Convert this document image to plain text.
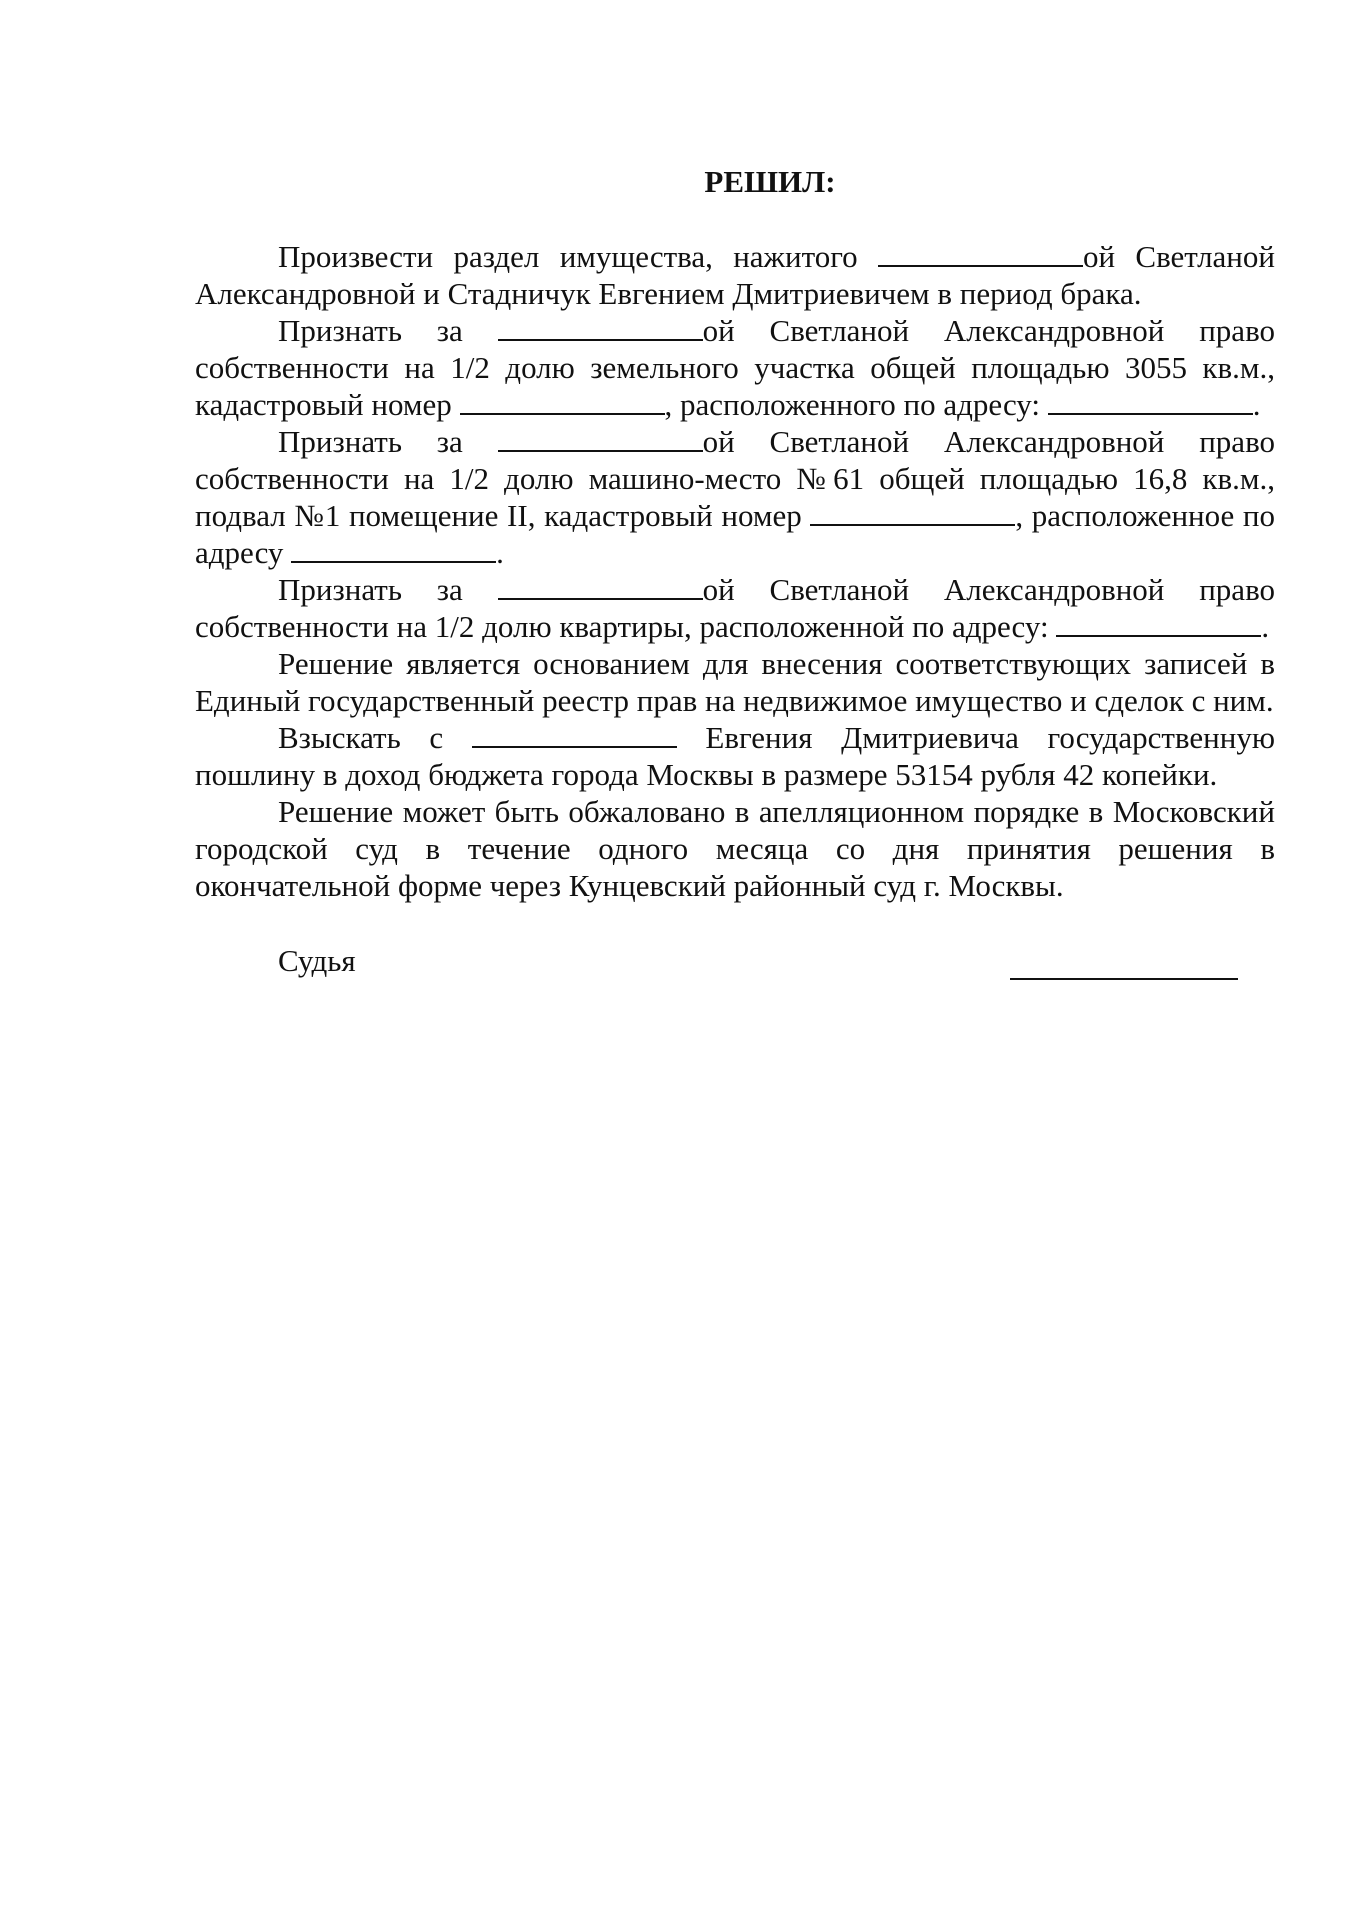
РЕШИЛ:

Произвести раздел имущества, нажитого	ой Светланой Александровной и Стадничук Евгением Дмитриевичем в период брака.

Признать за	ой Светланой Александровной право собственности на 1/2 долю земельного участка общей площадью 3055 кв.м., кадастровый номер	, расположенного по адресу:	.

Признать за	ой Светланой Александровной право собственности на 1/2 долю машино-место №61 общей площадью 16,8 кв.м., подвал №1 помещение II, кадастровый номер	, расположенное по адресу	.

Признать за	ой Светланой Александровной право собственности на 1/2 долю квартиры, расположенной по адресу:	.

Решение является основанием для внесения соответствующих записей в Единый государственный реестр прав на недвижимое имущество и сделок с ним.

Взыскать с	Евгения Дмитриевича государственную пошлину в доход бюджета города Москвы в размере 53154 рубля 42 копейки.

Решение может быть обжаловано в апелляционном порядке в Московский городской суд в течение одного месяца со дня принятия решения в окончательной форме через Кунцевский районный суд г. Москвы.

Судья
